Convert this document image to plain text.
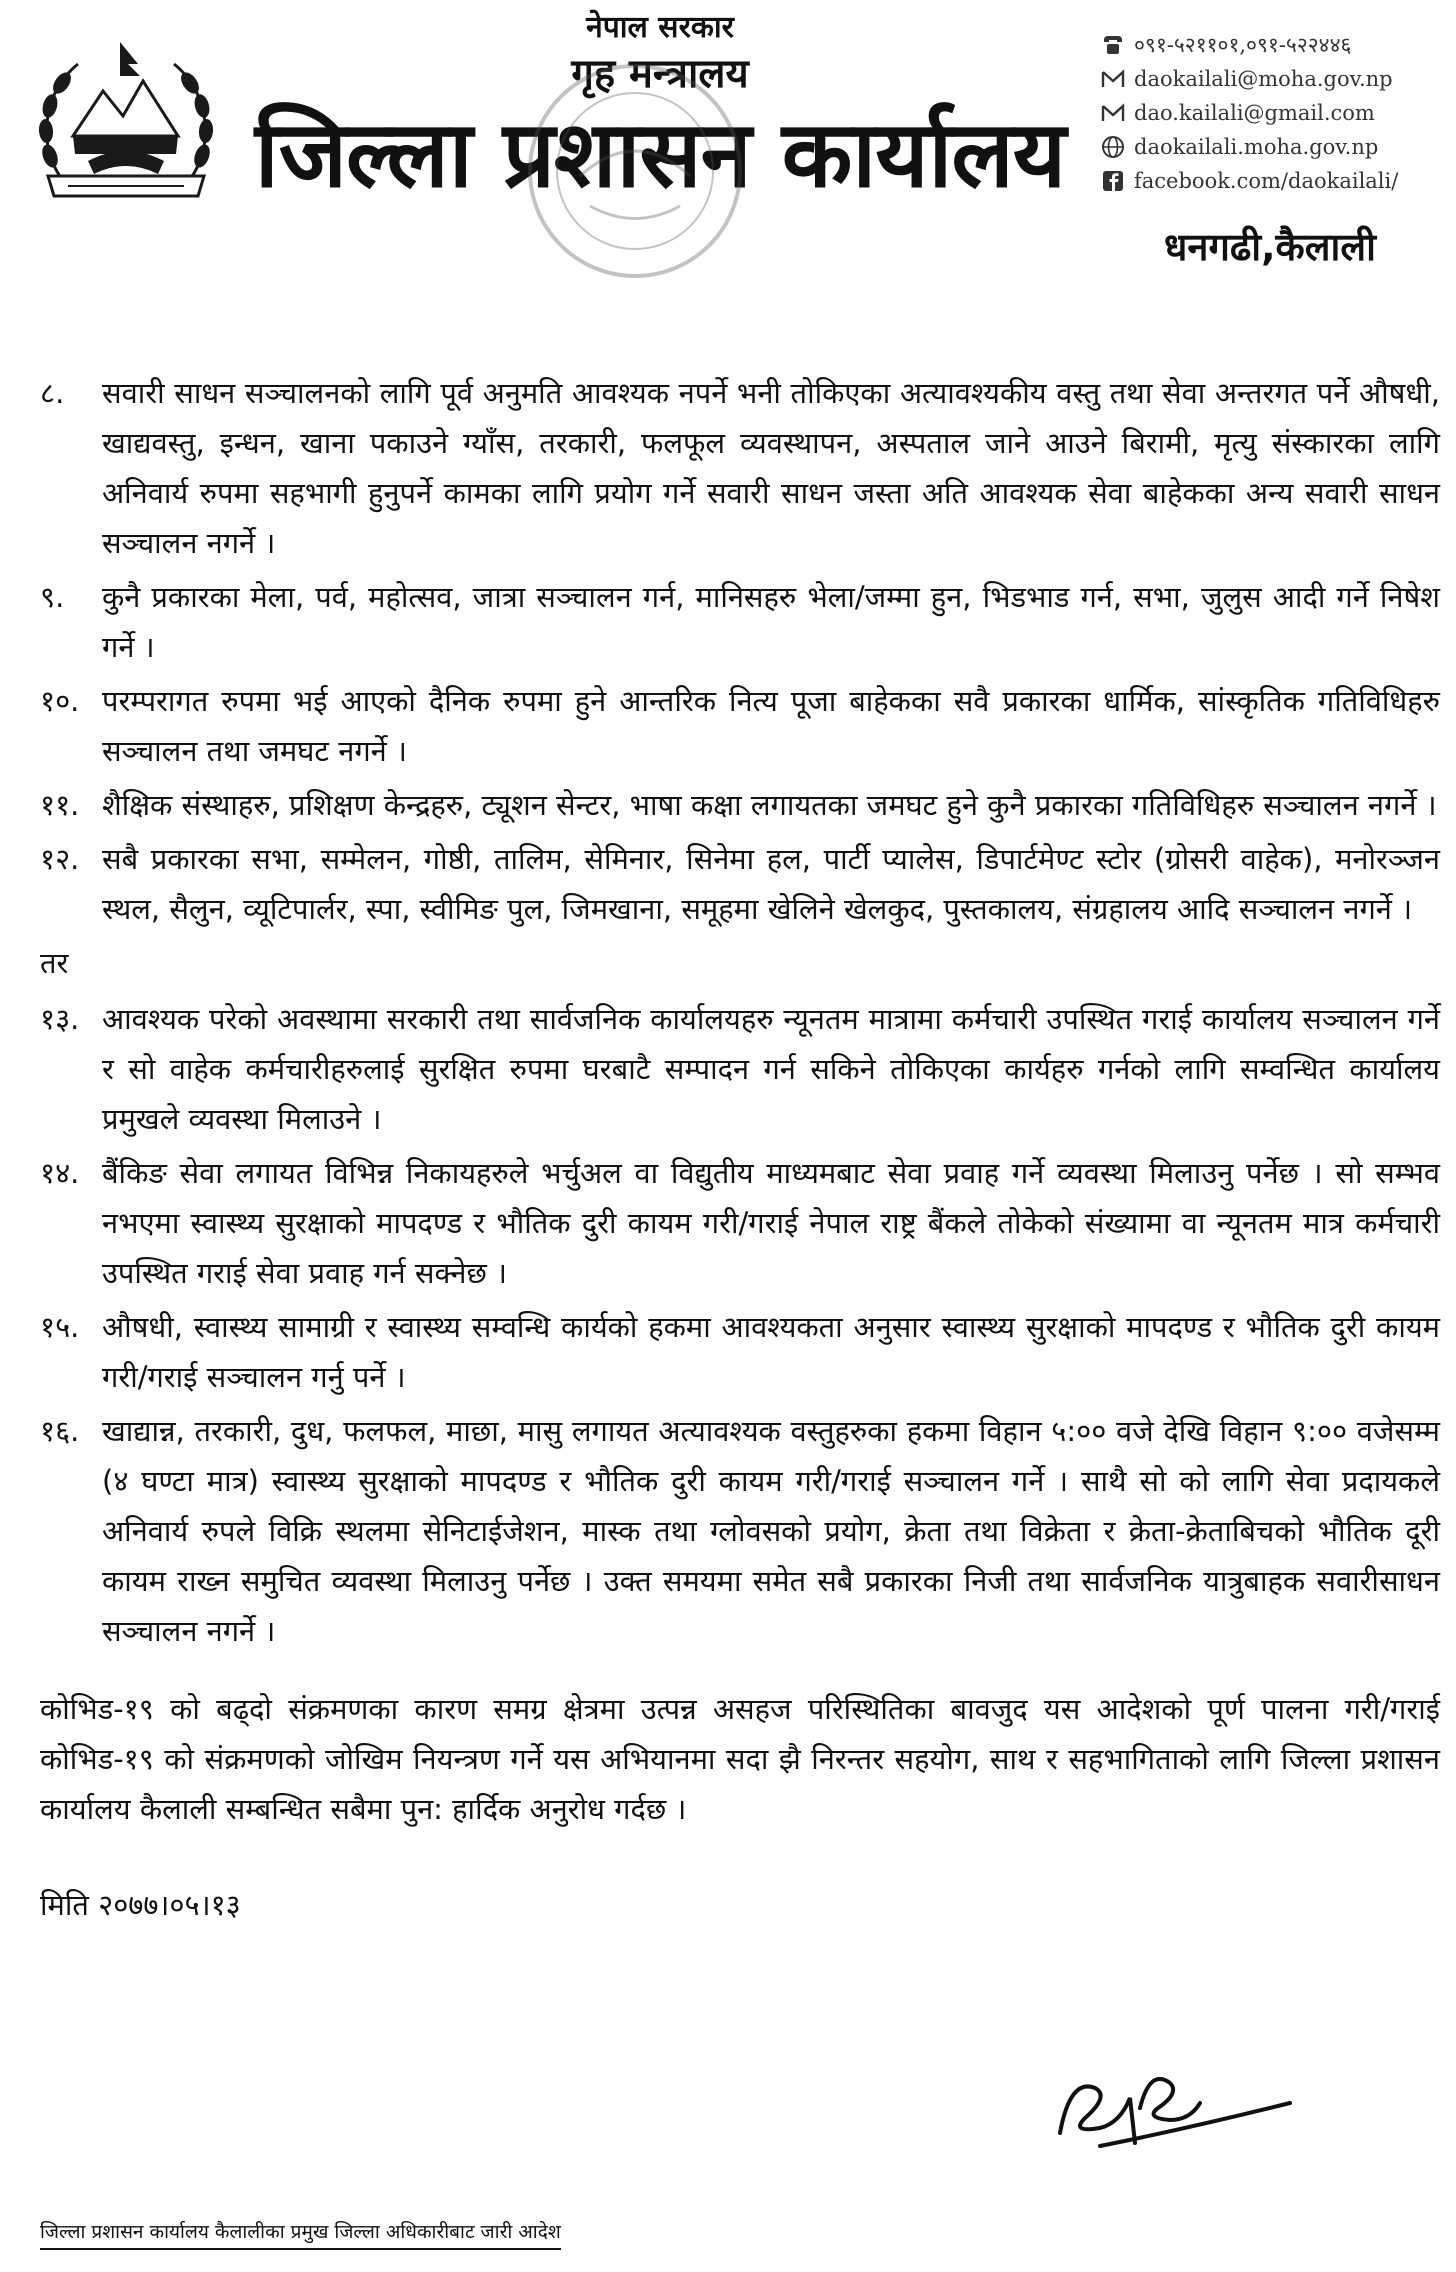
नेपाल सरकार
गृह मन्त्रालय
जिल्ला प्रशासन कार्यालय
०९१-५२११०१,०९१-५२२४४६
daokailali@moha.gov.np
dao.kailali@gmail.com
daokailali.moha.gov.np
facebook.com/daokailali/
धनगढी,कैलाली
८.	सवारी साधन सञ्चालनको लागि पूर्व अनुमति आवश्यक नपर्ने भनी तोकिएका अत्यावश्यकीय वस्तु तथा सेवा अन्तरगत पर्ने औषधी, खाद्यवस्तु, इन्धन, खाना पकाउने ग्याँस, तरकारी, फलफूल व्यवस्थापन, अस्पताल जाने आउने बिरामी, मृत्यु संस्कारका लागि अनिवार्य रुपमा सहभागी हुनुपर्ने कामका लागि प्रयोग गर्ने सवारी साधन जस्ता अति आवश्यक सेवा बाहेकका अन्य सवारी साधन सञ्चालन नगर्ने ।
९.	कुनै प्रकारका मेला, पर्व, महोत्सव, जात्रा सञ्चालन गर्न, मानिसहरु भेला/जम्मा हुन, भिडभाड गर्न, सभा, जुलुस आदी गर्ने निषेश गर्ने ।
१०. परम्परागत रुपमा भई आएको दैनिक रुपमा हुने आन्तरिक नित्य पूजा बाहेकका सवै प्रकारका धार्मिक, सांस्कृतिक गतिविधिहरु सञ्चालन तथा जमघट नगर्ने ।
११. शैक्षिक संस्थाहरु, प्रशिक्षण केन्द्रहरु, ट्यूशन सेन्टर, भाषा कक्षा लगायतका जमघट हुने कुनै प्रकारका गतिविधिहरु सञ्चालन नगर्ने ।
१२. सबै प्रकारका सभा, सम्मेलन, गोष्ठी, तालिम, सेमिनार, सिनेमा हल, पार्टी प्यालेस, डिपार्टमेण्ट स्टोर (ग्रोसरी वाहेक), मनोरञ्जन स्थल, सैलुन, व्यूटिपार्लर, स्पा, स्वीमिङ पुल, जिमखाना, समूहमा खेलिने खेलकुद, पुस्तकालय, संग्रहालय आदि सञ्चालन नगर्ने ।
तर
१३. आवश्यक परेको अवस्थामा सरकारी तथा सार्वजनिक कार्यालयहरु न्यूनतम मात्रामा कर्मचारी उपस्थित गराई कार्यालय सञ्चालन गर्ने र सो वाहेक कर्मचारीहरुलाई सुरक्षित रुपमा घरबाटै सम्पादन गर्न सकिने तोकिएका कार्यहरु गर्नको लागि सम्वन्धित कार्यालय प्रमुखले व्यवस्था मिलाउने ।
१४. बैंकिङ सेवा लगायत विभिन्न निकायहरुले भर्चुअल वा विद्युतीय माध्यमबाट सेवा प्रवाह गर्ने व्यवस्था मिलाउनु पर्नेछ । सो सम्भव नभएमा स्वास्थ्य सुरक्षाको मापदण्ड र भौतिक दुरी कायम गरी/गराई नेपाल राष्ट्र बैंकले तोकेको संख्यामा वा न्यूनतम मात्र कर्मचारी उपस्थित गराई सेवा प्रवाह गर्न सक्नेछ ।
१५. औषधी, स्वास्थ्य सामाग्री र स्वास्थ्य सम्वन्धि कार्यको हकमा आवश्यकता अनुसार स्वास्थ्य सुरक्षाको मापदण्ड र भौतिक दुरी कायम गरी/गराई सञ्चालन गर्नु पर्ने ।
१६. खाद्यान्न, तरकारी, दुध, फलफल, माछा, मासु लगायत अत्यावश्यक वस्तुहरुका हकमा विहान ५:०० वजे देखि विहान ९:०० वजेसम्म (४ घण्टा मात्र) स्वास्थ्य सुरक्षाको मापदण्ड र भौतिक दुरी कायम गरी/गराई सञ्चालन गर्ने । साथै सो को लागि सेवा प्रदायकले अनिवार्य रुपले विक्रि स्थलमा सेनिटाईजेशन, मास्क तथा ग्लोवसको प्रयोग, क्रेता तथा विक्रेता र क्रेता-क्रेताबिचको भौतिक दूरी कायम राख्न समुचित व्यवस्था मिलाउनु पर्नेछ । उक्त समयमा समेत सबै प्रकारका निजी तथा सार्वजनिक यात्रुबाहक सवारीसाधन सञ्चालन नगर्ने ।
कोभिड-१९ को बढ्दो संक्रमणका कारण समग्र क्षेत्रमा उत्पन्न असहज परिस्थितिका बावजुद यस आदेशको पूर्ण पालना गरी/गराई कोभिड-१९ को संक्रमणको जोखिम नियन्त्रण गर्ने यस अभियानमा सदा झै निरन्तर सहयोग, साथ र सहभागिताको लागि जिल्ला प्रशासन कार्यालय कैलाली सम्बन्धित सबैमा पुन: हार्दिक अनुरोध गर्दछ ।
मिति २०७७।०५।१३
जिल्ला प्रशासन कार्यालय कैलालीका प्रमुख जिल्ला अधिकारीबाट जारी आदेश
